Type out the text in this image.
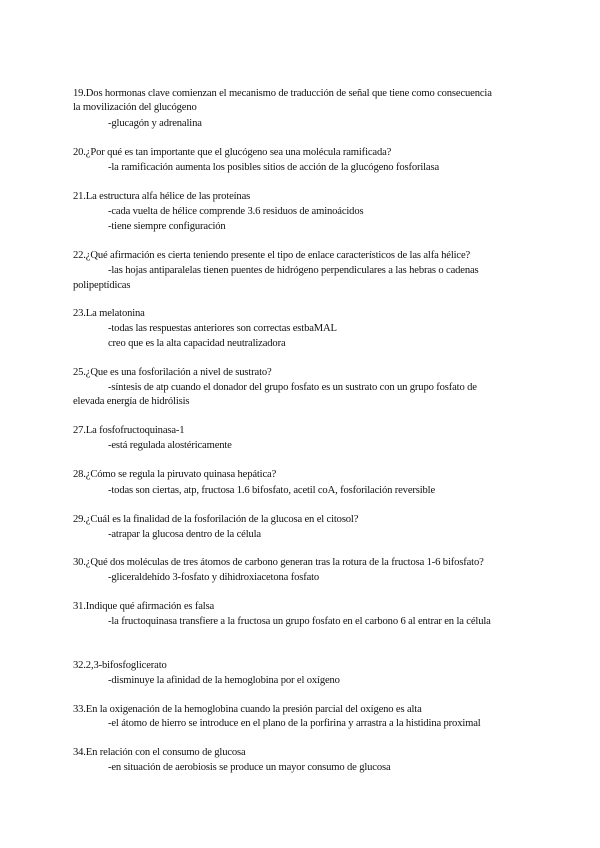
19.Dos hormonas clave comienzan el mecanismo de traducción de señal que tiene como consecuencia
la movilización del glucógeno
-glucagón y adrenalina
20.¿Por qué es tan importante que el glucógeno sea una molécula ramificada?
-la ramificación aumenta los posibles sitios de acción de la glucógeno fosforilasa
21.La estructura alfa hélice de las proteínas
-cada vuelta de hélice comprende 3.6 residuos de aminoácidos
-tiene siempre configuración
22.¿Qué afirmación es cierta teniendo presente el tipo de enlace característicos de las alfa hélice?
-las hojas antiparalelas tienen puentes de hidrógeno perpendiculares a las hebras o cadenas
polipeptídicas
23.La melatonina
-todas las respuestas anteriores son correctas estbaMAL
creo que es la alta capacidad neutralizadora
25.¿Que es una fosforilación a nivel de sustrato?
-síntesis de atp cuando el donador del grupo fosfato es un sustrato con un grupo fosfato de
elevada energía de hidrólisis
27.La fosfofructoquinasa-1
-está regulada alostéricamente
28.¿Cómo se regula la piruvato quinasa hepática?
-todas son ciertas, atp, fructosa 1.6 bifosfato, acetil coA, fosforilación reversible
29.¿Cuál es la finalidad de la fosforilación de la glucosa en el citosol?
-atrapar la glucosa dentro de la célula
30.¿Qué dos moléculas de tres átomos de carbono generan tras la rotura de la fructosa 1-6 bifosfato?
-gliceraldehído 3-fosfato y dihidroxiacetona fosfato
31.Indique qué afirmación es falsa
-la fructoquinasa transfiere a la fructosa un grupo fosfato en el carbono 6 al entrar en la célula
32.2,3-bifosfoglicerato
-disminuye la afinidad de la hemoglobina por el oxígeno
33.En la oxigenación de la hemoglobina cuando la presión parcial del oxígeno es alta
-el átomo de hierro se introduce en el plano de la porfirina y arrastra a la histidina proximal
34.En relación con el consumo de glucosa
-en situación de aerobiosis se produce un mayor consumo de glucosa
